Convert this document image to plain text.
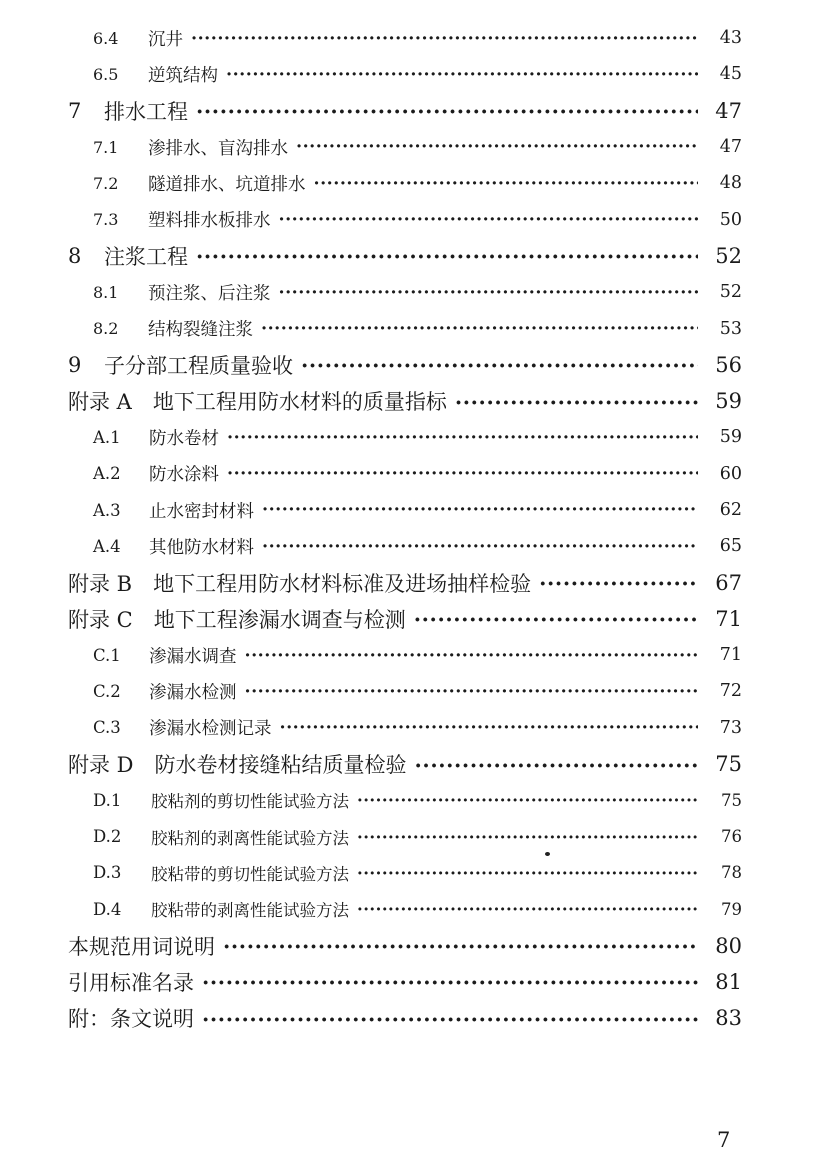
6.4	沉井 · · ·	43
6.5	逆筑结构 · · ·	45
7	排水工程 · · ·	47
7.1	渗排水、盲沟排水 · · ·	47
7.2	隧道排水、坑道排水 · · ·	48
7.3	塑料排水板排水 · · ·	50
8	注浆工程 · · ·	52
8.1	预注浆、后注浆 · · ·	52
8.2	结构裂缝注浆 · · ·	53
9	子分部工程质量验收 · · ·	56
附录 A　地下工程用防水材料的质量指标 · · ·	59
A.1	防水卷材 · · ·	59
A.2	防水涂料 · · ·	60
A.3	止水密封材料 · · ·	62
A.4	其他防水材料 · · ·	65
附录 B　地下工程用防水材料标准及进场抽样检验 · · ·	67
附录 C　地下工程渗漏水调查与检测 · · ·	71
C.1	渗漏水调查 · · ·	71
C.2	渗漏水检测 · · ·	72
C.3	渗漏水检测记录 · · ·	73
附录 D　防水卷材接缝粘结质量检验 · · ·	75
D.1	胶粘剂的剪切性能试验方法 · · ·	75
D.2	胶粘剂的剥离性能试验方法 · · ·	76
D.3	胶粘带的剪切性能试验方法 · · ·	78
D.4	胶粘带的剥离性能试验方法 · · ·	79
本规范用词说明 · · ·	80
引用标准名录 · · ·	81
附：条文说明 · · ·	83
7
